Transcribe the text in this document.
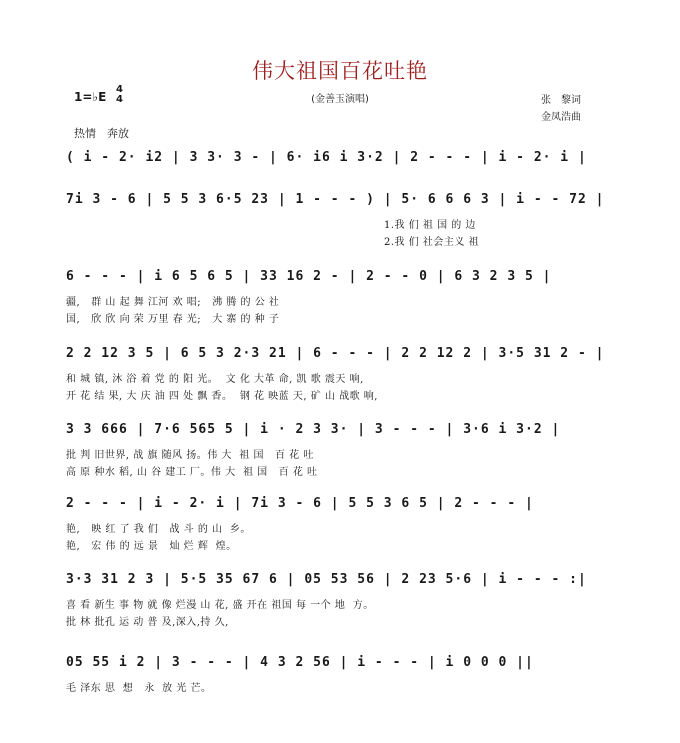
伟大祖国百花吐艳
(金善玉演唱)
1=♭E
4
4	张　黎词
金凤浩曲
热情　奔放
( i - 2· i2 | 3 3· 3 - | 6· i6 i 3·2 | 2 - - - | i - 2· i |
7i 3 - 6 | 5 5 3 6·5 23 | 1 - - - ) | 5· 6 6 6 3 | i - - 72 |
1.我 们 祖 国 的 边
2.我 们 社会主义 祖
6 - - - | i 6 5 6 5 | 33 16 2 - | 2 - - 0 | 6 3 2 3 5 |
疆,   群 山 起 舞 江河 欢 唱;   沸 腾 的 公 社
国,   欣 欣 向 荣 万里 春 光;   大 寨 的 种 子
2 2 12 3 5 | 6 5 3 2·3 21 | 6 - - - | 2 2 12 2 | 3·5 31 2 - |
和 城 镇, 沐 浴 着 党 的 阳 光。  文 化 大革 命, 凯 歌 震天 响,
开 花 结 果, 大 庆 油 四 处 飘 香。  钢 花 映蓝 天, 矿 山 战歌 响,
3 3 666 | 7·6 565 5 | i · 2 3 3· | 3 - - - | 3·6 i 3·2 |
批 判 旧世界, 战 旗 随风 扬。伟 大  祖 国   百 花 吐
高 原 种水 稻, 山 谷 建工 厂。伟 大  祖 国   百 花 吐
2 - - - | i - 2· i | 7i 3 - 6 | 5 5 3 6 5 | 2 - - - |
艳,   映 红 了 我 们   战 斗 的 山  乡。
艳,   宏 伟 的 远 景   灿 烂 辉  煌。
3·3 31 2 3 | 5·5 35 67 6 | 05 53 56 | 2 23 5·6 | i - - - :|
喜 看 新生 事 物 就 像 烂漫 山 花, 盛 开在 祖国 每 一个 地  方。
批 林 批孔 运 动 普 及,深入,持 久,
05 55 i 2 | 3 - - - | 4 3 2 56 | i - - - | i 0 0 0 ||
毛 泽东 思  想   永  放 光 芒。
